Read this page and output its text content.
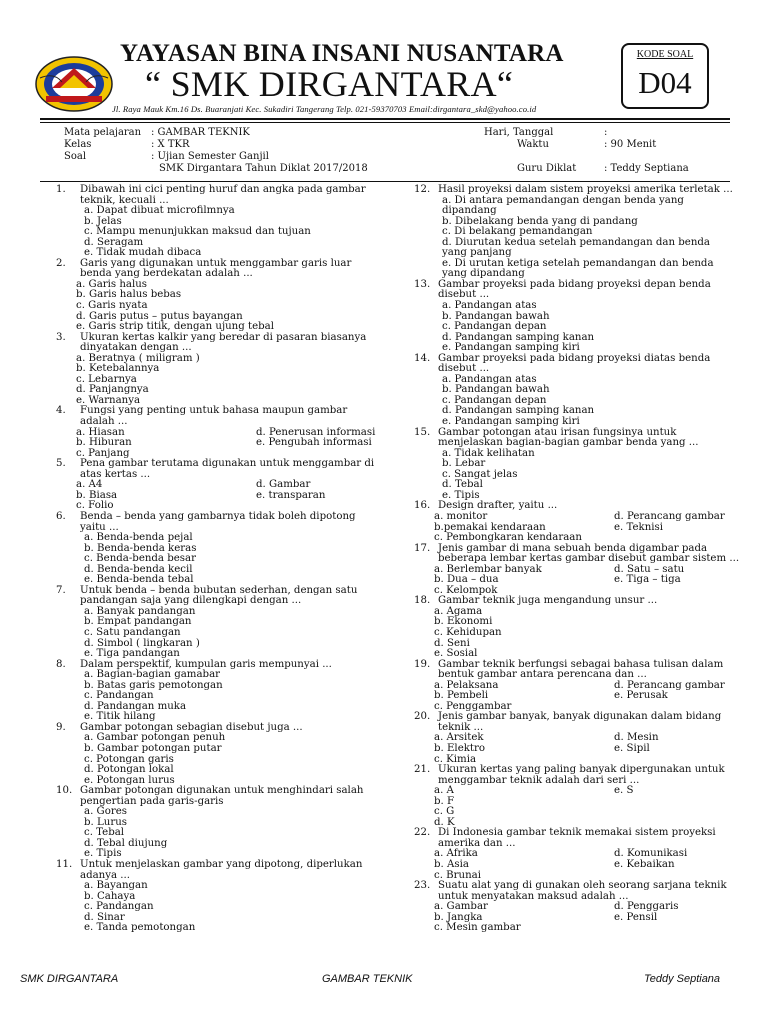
YAYASAN BINA INSANI NUSANTARA
“ SMK DIRGANTARA“
Jl. Raya Mauk Km.16 Ds. Buaranjati Kec. Sukadiri Tangerang Telp. 021-59370703 Email:dirgantara_skd@yahoo.co.id
KODE SOAL
D04
Mata pelajaran : GAMBAR TEKNIK
Kelas	: X TKR
Soal	: Ujian Semester Ganjil
SMK Dirgantara Tahun Diklat 2017/2018
Hari, Tanggal	:
Waktu	: 90 Menit
Guru Diklat	: Teddy Septiana
1.	Dibawah ini cici penting huruf dan angka pada gambar
teknik, kecuali ...
a. Dapat dibuat microfilmnya
b. Jelas
c. Mampu menunjukkan maksud dan tujuan
d. Seragam
e. Tidak mudah dibaca
2.	Garis yang digunakan untuk menggambar garis luar
benda yang berdekatan adalah ...
a. Garis halus
b. Garis halus bebas
c. Garis nyata
d. Garis putus – putus bayangan
e. Garis strip titik, dengan ujung tebal
3.	Ukuran kertas kalkir yang beredar di pasaran biasanya
dinyatakan dengan ...
a. Beratnya ( miligram )
b. Ketebalannya
c. Lebarnya
d. Panjangnya
e. Warnanya
4.	Fungsi yang penting untuk bahasa maupun gambar
adalah ...
a. Hiasan	d. Penerusan informasi
b. Hiburan	e. Pengubah informasi
c. Panjang
5.	Pena gambar terutama digunakan untuk menggambar di
atas kertas ...
a. A4	d. Gambar
b. Biasa	e. transparan
c. Folio
6.	Benda – benda yang gambarnya tidak boleh dipotong
yaitu ...
a. Benda-benda pejal
b. Benda-benda keras
c. Benda-benda besar
d. Benda-benda kecil
e. Benda-benda tebal
7.	Untuk benda – benda bubutan sederhan, dengan satu
pandangan saja yang dilengkapi dengan ...
a. Banyak pandangan
b. Empat pandangan
c. Satu pandangan
d. Simbol ( lingkaran )
e. Tiga pandangan
8.	Dalam perspektif, kumpulan garis mempunyai ...
a. Bagian-bagian gamabar
b. Batas garis pemotongan
c. Pandangan
d. Pandangan muka
e. Titik hilang
9.	Gambar potongan sebagian disebut juga ...
a. Gambar potongan penuh
b. Gambar potongan putar
c. Potongan garis
d. Potongan lokal
e. Potongan lurus
10. Gambar potongan digunakan untuk menghindari salah
pengertian pada garis-garis
a. Gores
b. Lurus
c. Tebal
d. Tebal diujung
e. Tipis
11. Untuk menjelaskan gambar yang dipotong, diperlukan
adanya ...
a. Bayangan
b. Cahaya
c. Pandangan
d. Sinar
e. Tanda pemotongan
12. Hasil proyeksi dalam sistem proyeksi amerika terletak ...
a. Di antara pemandangan dengan benda yang
dipandang
b. Dibelakang benda yang di pandang
c. Di belakang pemandangan
d. Diurutan kedua setelah pemandangan dan benda
yang panjang
e. Di urutan ketiga setelah pemandangan dan benda
yang dipandang
13. Gambar proyeksi pada bidang proyeksi depan benda
disebut ...
a. Pandangan atas
b. Pandangan bawah
c. Pandangan depan
d. Pandangan samping kanan
e. Pandangan samping kiri
14. Gambar proyeksi pada bidang proyeksi diatas benda
disebut ...
a. Pandangan atas
b. Pandangan bawah
c. Pandangan depan
d. Pandangan samping kanan
e. Pandangan samping kiri
15. Gambar potongan atau irisan fungsinya untuk
menjelaskan bagian-bagian gambar benda yang ...
a. Tidak kelihatan
b. Lebar
c. Sangat jelas
d. Tebal
e. Tipis
16. Design drafter, yaitu ...
a. monitor	d. Perancang gambar
b.pemakai kendaraan	e. Teknisi
c. Pembongkaran kendaraan
17. Jenis gambar di mana sebuah benda digambar pada
beberapa lembar kertas gambar disebut gambar sistem ...
a. Berlembar banyak	d. Satu – satu
b. Dua – dua	e. Tiga – tiga
c. Kelompok
18. Gambar teknik juga mengandung unsur ...
a. Agama
b. Ekonomi
c. Kehidupan
d. Seni
e. Sosial
19. Gambar teknik berfungsi sebagai bahasa tulisan dalam
bentuk gambar antara perencana dan ...
a. Pelaksana	d. Perancang gambar
b. Pembeli	e. Perusak
c. Penggambar
20. Jenis gambar banyak, banyak digunakan dalam bidang
teknik ...
a. Arsitek	d. Mesin
b. Elektro	e. Sipil
c. Kimia
21. Ukuran kertas yang paling banyak dipergunakan untuk
menggambar teknik adalah dari seri ...
a. A	e. S
b. F
c. G
d. K
22. Di Indonesia gambar teknik memakai sistem proyeksi
amerika dan ...
a. Afrika	d. Komunikasi
b. Asia	e. Kebaikan
c. Brunai
23. Suatu alat yang di gunakan oleh seorang sarjana teknik
untuk menyatakan maksud adalah ...
a. Gambar	d. Penggaris
b. Jangka	e. Pensil
c. Mesin gambar
SMK DIRGANTARA	GAMBAR TEKNIK	Teddy Septiana
